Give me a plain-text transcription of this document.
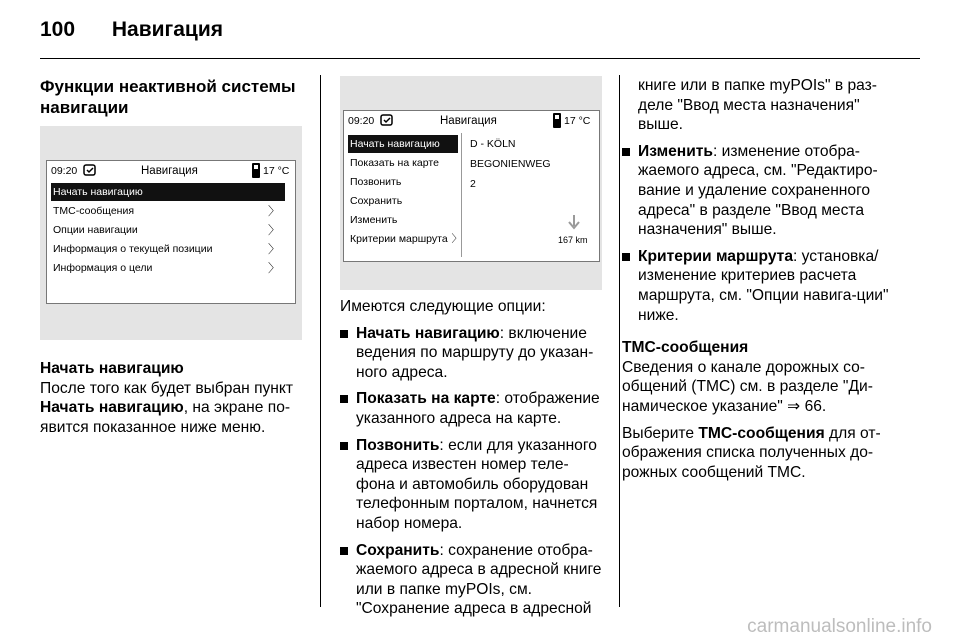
100 Навигация
Функции неактивной системы навигации
09:20	Навигация	17 °C
Начать навигацию
TMC-сообщения	〉
Опции навигации	〉
Информация о текущей позиции	〉
Информация о цели	〉

Начать навигацию

После того как будет выбран пункт Начать навигацию, на экране по-явится показанное ниже меню.

09:20	Навигация	17 °C
Начать навигацию
Показать на карте
Позвонить
Сохранить
Изменить
Критерии маршрута 〉
D - KÖLN
BEGONIENWEG
2
167 km

Имеются следующие опции:

Начать навигацию: включение ведения по маршруту до указан-ного адреса.
Показать на карте: отображение указанного адреса на карте.
Позвонить: если для указанного адреса известен номер теле-фона и автомобиль оборудован телефонным порталом, начнется набор номера.
Сохранить: сохранение отобра-жаемого адреса в адресной книге или в папке myPOIs, см. "Сохранение адреса в адресной

книге или в папке myPOIs" в раз-деле "Ввод места назначения" выше.

Изменить: изменение отобра-жаемого адреса, см. "Редактиро-вание и удаление сохраненного адреса" в разделе "Ввод места назначения" выше.
Критерии маршрута: установка/ изменение критериев расчета маршрута, см. "Опции навига-ции" ниже.

TMC-сообщения

Сведения о канале дорожных со-общений (TMC) см. в разделе "Ди-намическое указание" ⇒ 66.

Выберите TMC-сообщения для от-ображения списка полученных до-рожных сообщений TMC.

carmanualsonline.info
